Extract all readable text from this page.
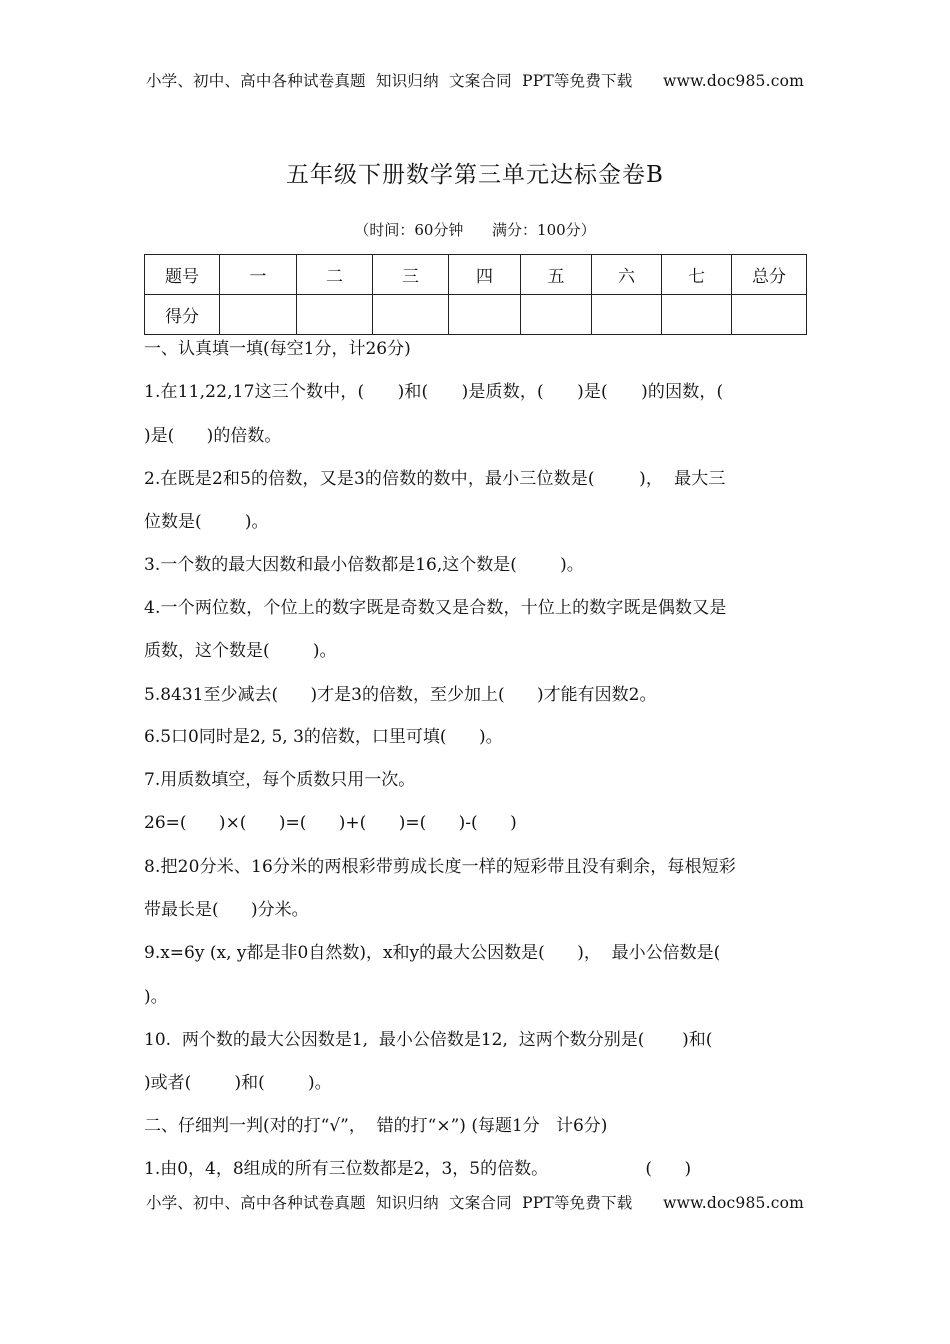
小学、初中、高中各种试卷真题  知识归纳  文案合同  PPT等免费下载      www.doc985.com
五年级下册数学第三单元达标金卷B
（时间：60分钟      满分：100分）
题号	一	二	三	四	五	六	七	总分
得分								
一、认真填一填(每空1分，计26分)
1.在11,22,17这三个数中，(      )和(      )是质数，(      )是(      )的因数，(
)是(      )的倍数。
2.在既是2和5的倍数，又是3的倍数的数中，最小三位数是(        )，  最大三
位数是(        )。
3.一个数的最大因数和最小倍数都是16,这个数是(        )。
4.一个两位数，个位上的数字既是奇数又是合数，十位上的数字既是偶数又是
质数，这个数是(        )。
5.8431至少减去(      )才是3的倍数，至少加上(      )才能有因数2。
6.5口0同时是2, 5, 3的倍数，口里可填(      )。
7.用质数填空，每个质数只用一次。
26=(      )×(      )=(      )+(      )=(      )-(      )
8.把20分米、16分米的两根彩带剪成长度一样的短彩带且没有剩余，每根短彩
带最长是(      )分米。
9.x=6y (x, y都是非0自然数)，x和y的最大公因数是(      )，  最小公倍数是(
)。
10.  两个数的最大公因数是1,  最小公倍数是12,  这两个数分别是(       )和(
)或者(        )和(        )。
二、仔细判一判(对的打“√”，  错的打“×”) (每题1分   计6分)
1.由0，4，8组成的所有三位数都是2，3，5的倍数。                  (      )
小学、初中、高中各种试卷真题  知识归纳  文案合同  PPT等免费下载      www.doc985.com
